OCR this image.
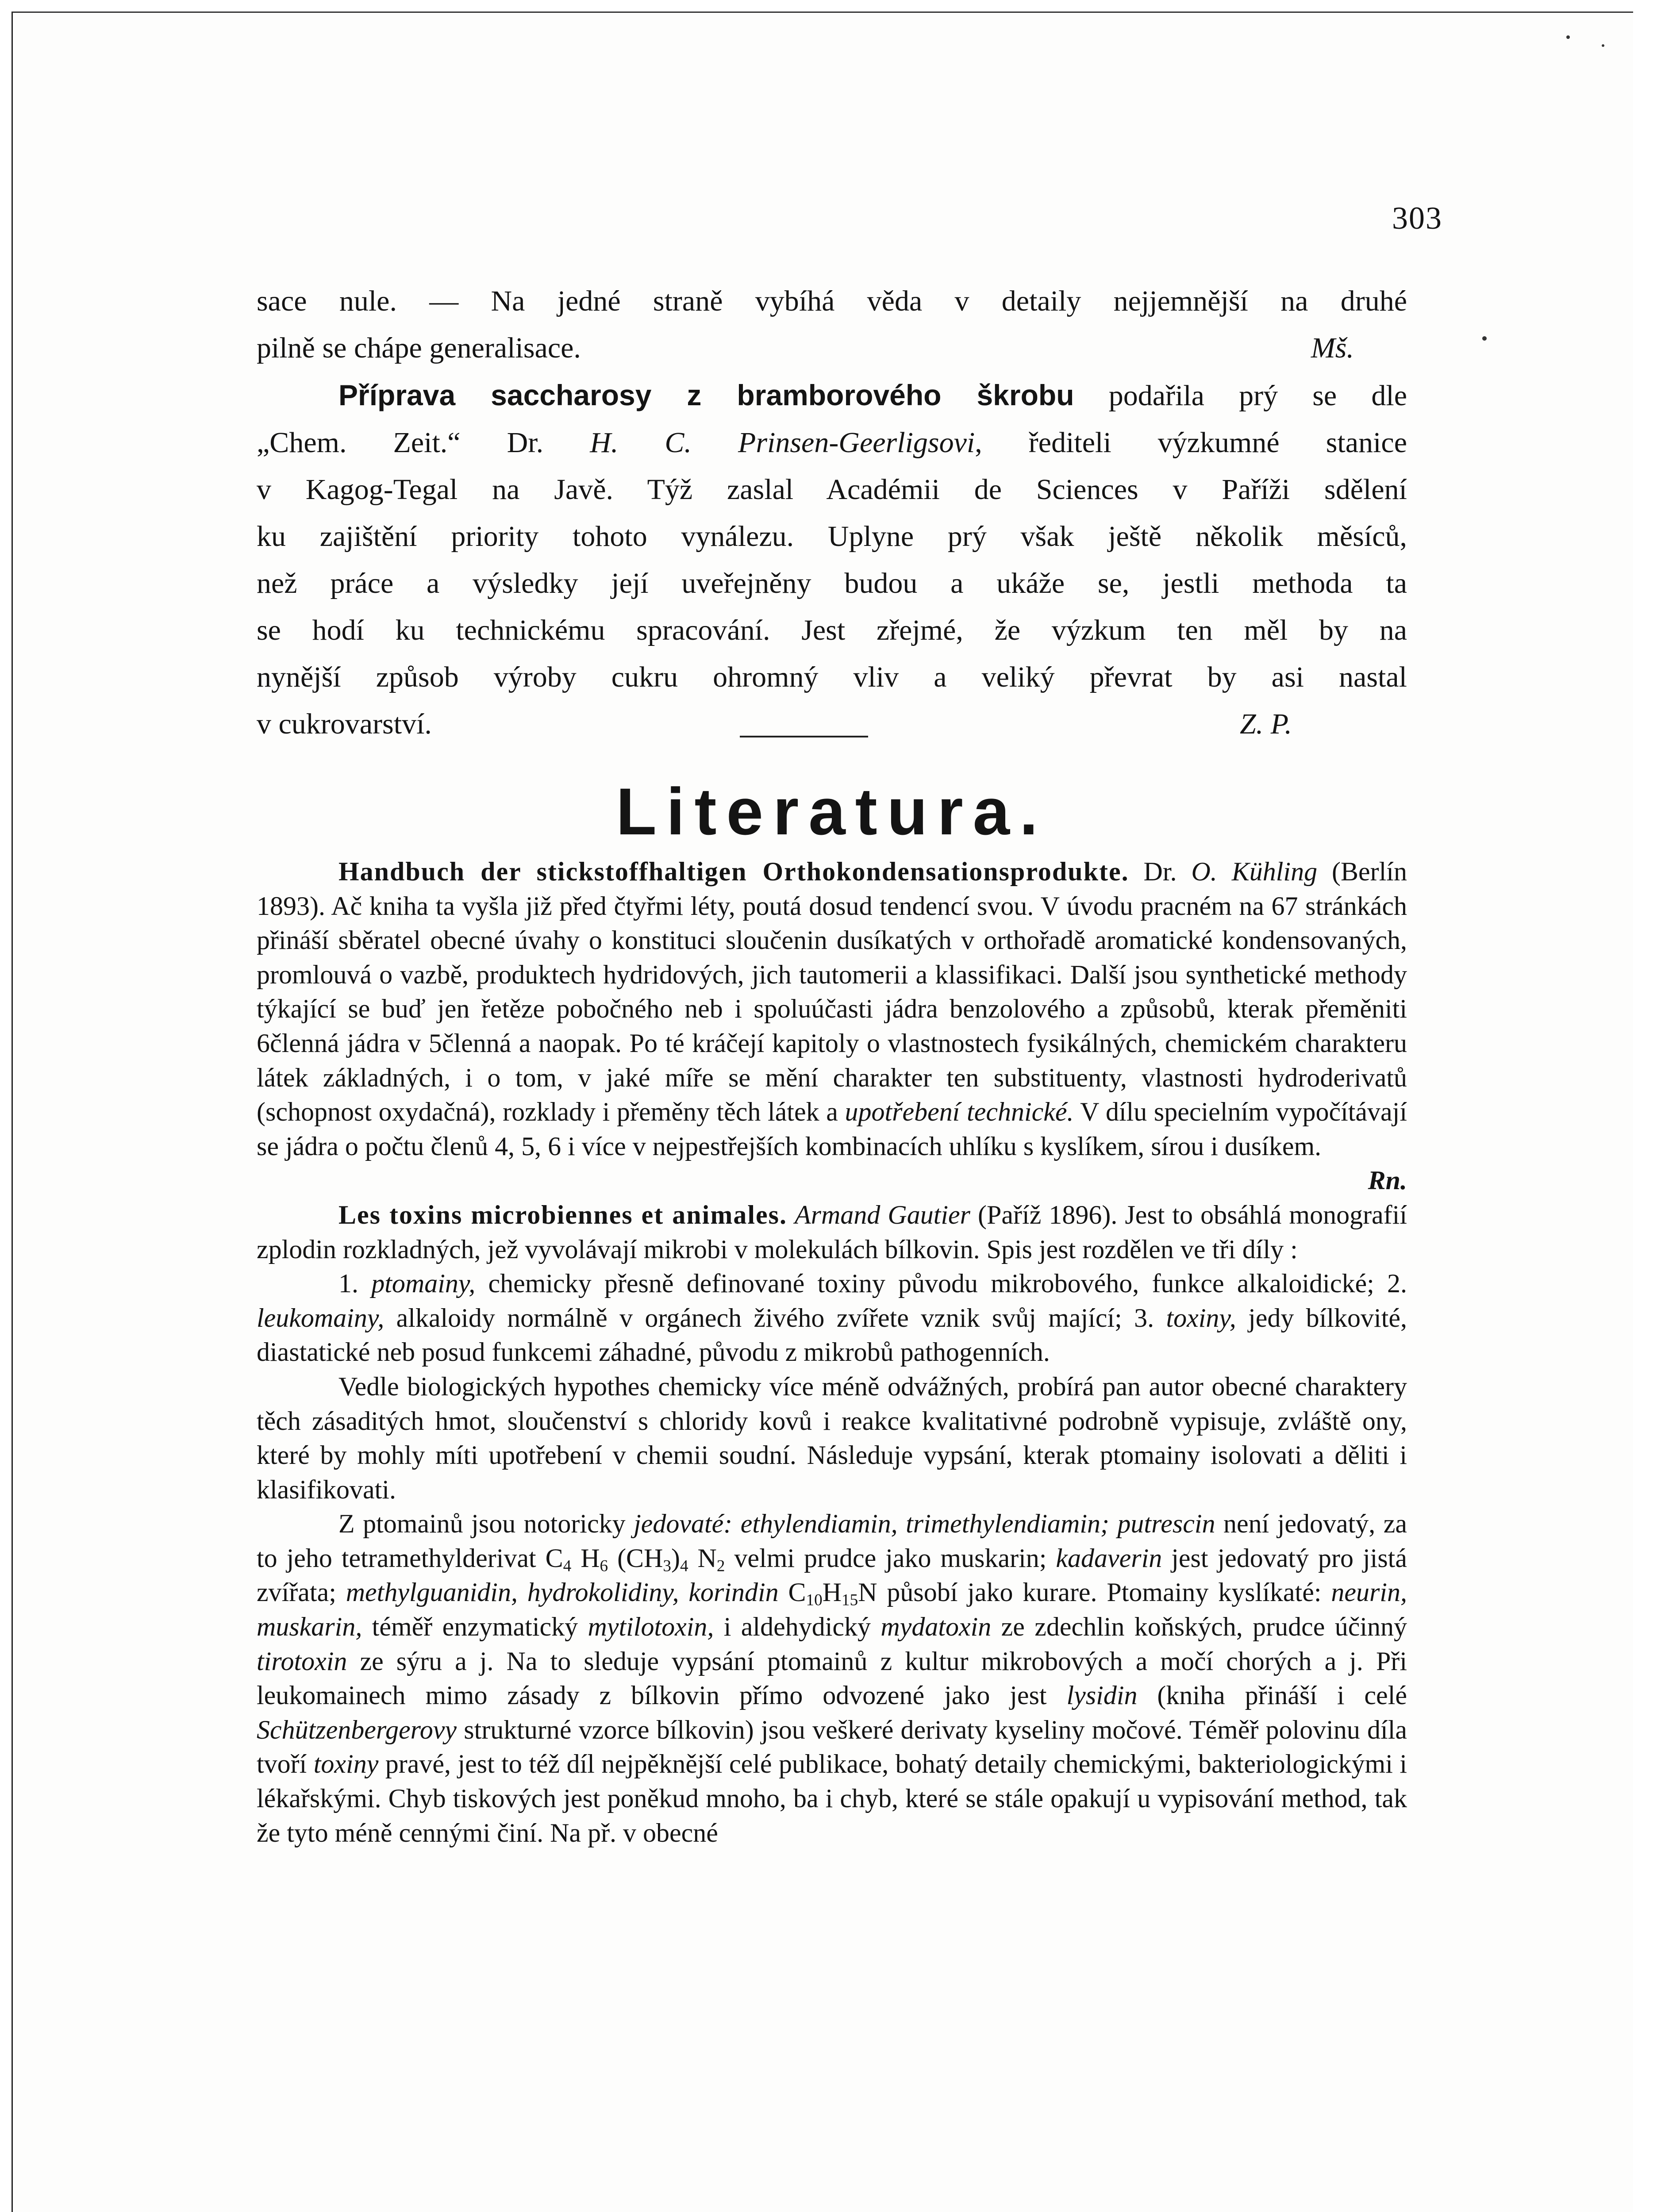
303

sace nule. — Na jedné straně vybíhá věda v detaily nejjemnější na druhé

pilně se chápe generalisace.	Mš.

Příprava saccharosy z bramborového škrobu podařila prý se dle

„Chem. Zeit.“ Dr. H. C. Prinsen-Geerligsovi, řediteli výzkumné stanice

v Kagog-Tegal na Javě. Týž zaslal Académii de Sciences v Paříži sdělení

ku zajištění priority tohoto vynálezu. Uplyne prý však ještě několik měsíců,

než práce a výsledky její uveřejněny budou a ukáže se, jestli methoda ta

se hodí ku technickému spracování. Jest zřejmé, že výzkum ten měl by na

nynější způsob výroby cukru ohromný vliv a veliký převrat by asi nastal

v cukrovarství.	Z. P.

Literatura.

Handbuch der stickstoffhaltigen Orthokondensationsprodukte. Dr. O. Kühling (Berlín 1893). Ač kniha ta vyšla již před čtyřmi léty, poutá dosud tendencí svou. V úvodu pracném na 67 stránkách přináší sběratel obecné úvahy o konstituci sloučenin dusíkatých v orthořadě aromatické kondensovaných, promlouvá o vazbě, produktech hydridových, jich tautomerii a klassifikaci. Další jsou synthetické methody týkající se buď jen řetěze pobočného neb i spoluúčasti jádra benzolového a způsobů, kterak přeměniti 6členná jádra v 5členná a naopak. Po té kráčejí kapitoly o vlastnostech fysikálných, chemickém charakteru látek základných, i o tom, v jaké míře se mění charakter ten substituenty, vlastnosti hydroderivatů (schopnost oxydačná), rozklady i přeměny těch látek a upotřebení technické. V dílu specielním vypočítávají se jádra o počtu členů 4, 5, 6 i více v nejpestřejších kombinacích uhlíku s kyslíkem, sírou i dusíkem.

Rn.

Les toxins microbiennes et animales. Armand Gautier (Paříž 1896). Jest to obsáhlá monografií zplodin rozkladných, jež vyvolávají mikrobi v molekulách bílkovin. Spis jest rozdělen ve tři díly :

1. ptomainy, chemicky přesně definované toxiny původu mikrobového, funkce alkaloidické; 2. leukomainy, alkaloidy normálně v orgánech živého zvířete vznik svůj mající; 3. toxiny, jedy bílkovité, diastatické neb posud funkcemi záhadné, původu z mikrobů pathogenních.

Vedle biologických hypothes chemicky více méně odvážných, probírá pan autor obecné charaktery těch zásaditých hmot, sloučenství s chloridy kovů i reakce kvalitativné podrobně vypisuje, zvláště ony, které by mohly míti upotřebení v chemii soudní. Následuje vypsání, kterak ptomainy isolovati a děliti i klasifikovati.

Z ptomainů jsou notoricky jedovaté: ethylendiamin, trimethylendiamin; putrescin není jedovatý, za to jeho tetramethylderivat $C_4$ $H_6$ $(CH_3)_4$ $N_2$ velmi prudce jako muskarin; kadaverin jest jedovatý pro jistá zvířata; methylguanidin, hydrokolidiny, korindin $C_{10}H_{15}N$ působí jako kurare. Ptomainy kyslíkaté: neurin, muskarin, téměř enzymatický mytilotoxin, i aldehydický mydatoxin ze zdechlin koňských, prudce účinný tirotoxin ze sýru a j. Na to sleduje vypsání ptomainů z kultur mikrobových a močí chorých a j. Při leukomainech mimo zásady z bílkovin přímo odvozené jako jest lysidin (kniha přináší i celé Schützenbergerovy strukturné vzorce bílkovin) jsou veškeré derivaty kyseliny močové. Téměř polovinu díla tvoří toxiny pravé, jest to též díl nejpěknější celé publikace, bohatý detaily chemickými, bakteriologickými i lékařskými. Chyb tiskových jest poněkud mnoho, ba i chyb, které se stále opakují u vypisování method, tak že tyto méně cennými činí. Na př. v obecné
